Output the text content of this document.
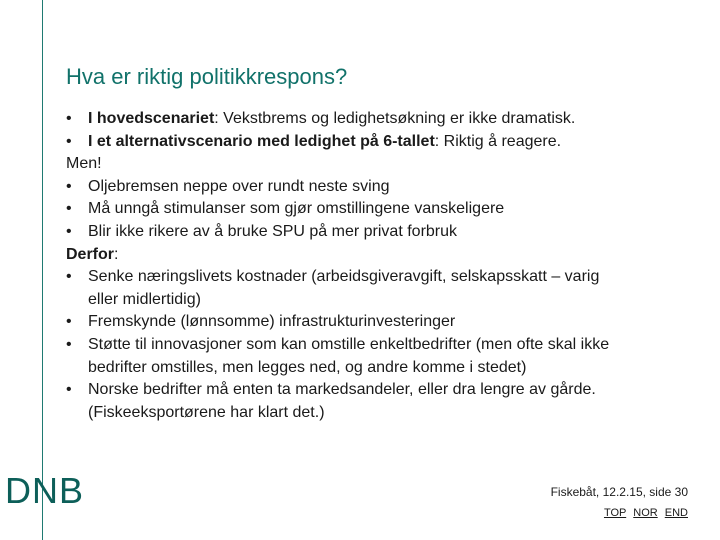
Hva er riktig politikkrespons?
• I hovedscenariet: Vekstbrems og ledighetsøkning er ikke dramatisk.
• I et alternativscenario med ledighet på 6-tallet: Riktig å reagere.
Men!
• Oljebremsen neppe over rundt neste sving
• Må unngå stimulanser som gjør omstillingene vanskeligere
• Blir ikke rikere av å bruke SPU på mer privat forbruk
Derfor:
• Senke næringslivets kostnader (arbeidsgiveravgift, selskapsskatt – varig
eller midlertidig)
• Fremskynde (lønnsomme) infrastrukturinvesteringer
• Støtte til innovasjoner som kan omstille enkeltbedrifter (men ofte skal ikke
bedrifter omstilles, men legges ned, og andre komme i stedet)
• Norske bedrifter må enten ta markedsandeler, eller dra lengre av gårde.
(Fiskeeksportørene har klart det.)
DNB	Fiskebåt, 12.2.15, side 30
TOP NOR END
